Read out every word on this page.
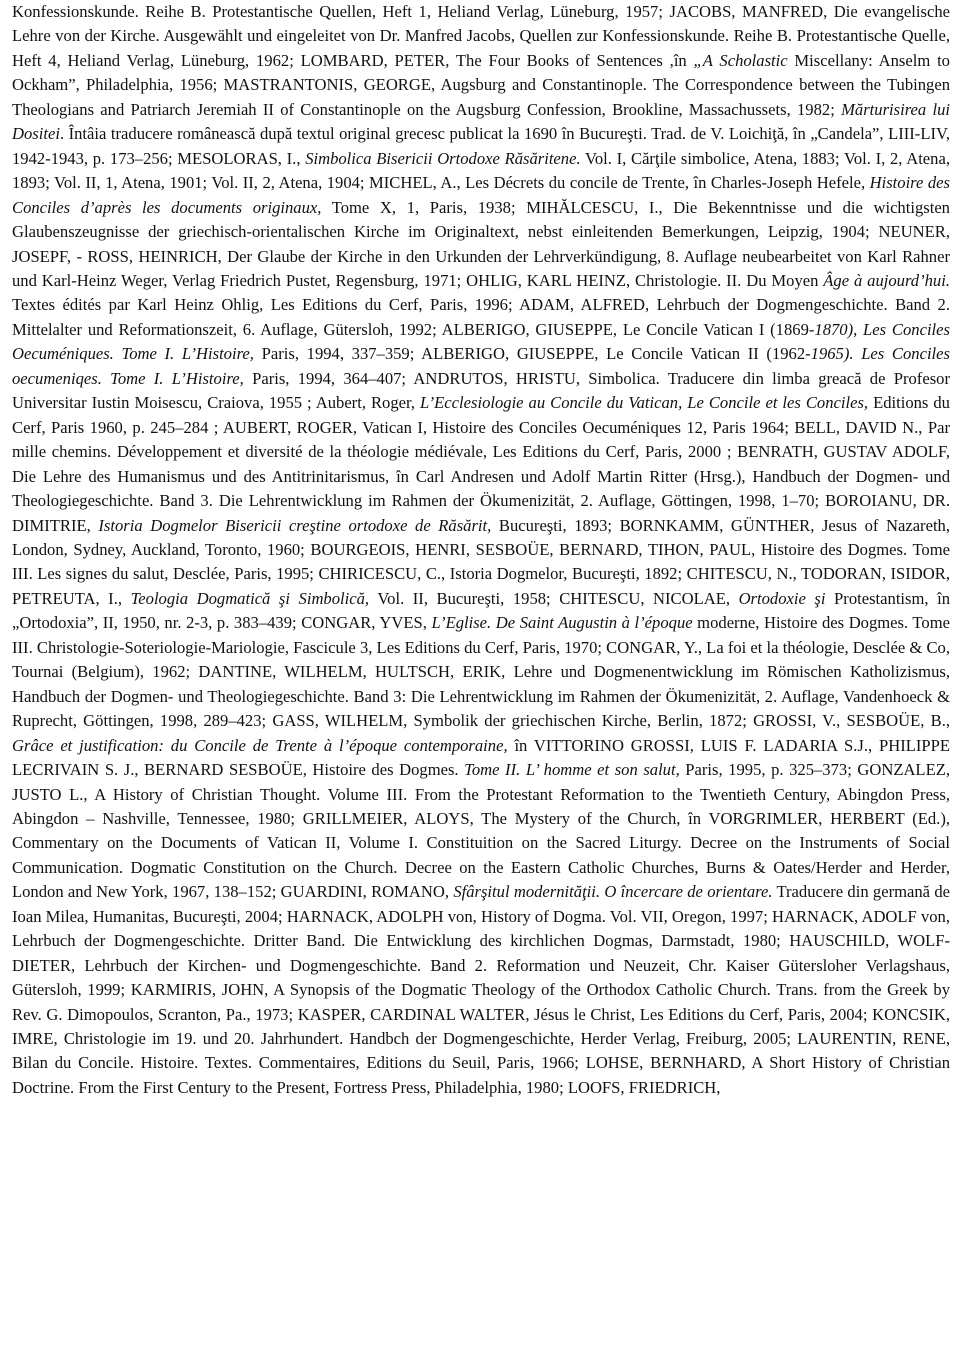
Konfessionskunde. Reihe B. Protestantische Quellen, Heft 1, Heliand Verlag, Lüneburg, 1957; JACOBS, MANFRED, Die evangelische Lehre von der Kirche. Ausgewählt und eingeleitet von Dr. Manfred Jacobs, Quellen zur Konfessionskunde. Reihe B. Protestantische Quelle, Heft 4, Heliand Verlag, Lüneburg, 1962; LOMBARD, PETER, The Four Books of Sentences ,în „A Scholastic Miscellany: Anselm to Ockham”, Philadelphia, 1956; MASTRANTONIS, GEORGE, Augsburg and Constantinople. The Correspondence between the Tubingen Theologians and Patriarch Jeremiah II of Constantinople on the Augsburg Confession, Brookline, Massachussets, 1982; Mărturisirea lui Dositei. Întâia traducere românească după textul original grecesc publicat la 1690 în Bucureşti. Trad. de V. Loichiţă, în „Candela”, LIII-LIV, 1942-1943, p. 173–256; MESOLORAS, I., Simbolica Bisericii Ortodoxe Răsăritene. Vol. I, Cărţile simbolice, Atena, 1883; Vol. I, 2, Atena, 1893; Vol. II, 1, Atena, 1901; Vol. II, 2, Atena, 1904; MICHEL, A., Les Décrets du concile de Trente, în Charles-Joseph Hefele, Histoire des Conciles d’après les documents originaux, Tome X, 1, Paris, 1938; MIHĂLCESCU, I., Die Bekenntnisse und die wichtigsten Glaubenszeugnisse der griechisch-orientalischen Kirche im Originaltext, nebst einleitenden Bemerkungen, Leipzig, 1904; NEUNER, JOSEPF, - ROSS, HEINRICH, Der Glaube der Kirche in den Urkunden der Lehrverkündigung, 8. Auflage neubearbeitet von Karl Rahner und Karl-Heinz Weger, Verlag Friedrich Pustet, Regensburg, 1971; OHLIG, KARL HEINZ, Christologie. II. Du Moyen Âge à aujourd’hui. Textes édités par Karl Heinz Ohlig, Les Editions du Cerf, Paris, 1996; ADAM, ALFRED, Lehrbuch der Dogmengeschichte. Band 2. Mittelalter und Reformationszeit, 6. Auflage, Gütersloh, 1992; ALBERIGO, GIUSEPPE, Le Concile Vatican I (1869-1870), Les Conciles Oecuméniques. Tome I. L’Histoire, Paris, 1994, 337–359; ALBERIGO, GIUSEPPE, Le Concile Vatican II (1962-1965). Les Conciles oecumeniqes. Tome I. L’Histoire, Paris, 1994, 364–407; ANDRUTOS, HRISTU, Simbolica. Traducere din limba greacă de Profesor Universitar Iustin Moisescu, Craiova, 1955 ; Aubert, Roger, L’Ecclesiologie au Concile du Vatican, Le Concile et les Conciles, Editions du Cerf, Paris 1960, p. 245–284 ; AUBERT, ROGER, Vatican I, Histoire des Conciles Oecuméniques 12, Paris 1964; BELL, DAVID N., Par mille chemins. Développement et diversité de la théologie médiévale, Les Editions du Cerf, Paris, 2000 ; BENRATH, GUSTAV ADOLF, Die Lehre des Humanismus und des Antitrinitarismus, în Carl Andresen und Adolf Martin Ritter (Hrsg.), Handbuch der Dogmen- und Theologiegeschichte. Band 3. Die Lehrentwicklung im Rahmen der Ökumenizität, 2. Auflage, Göttingen, 1998, 1–70; BOROIANU, DR. DIMITRIE, Istoria Dogmelor Bisericii creştine ortodoxe de Răsărit, Bucureşti, 1893; BORNKAMM, GÜNTHER, Jesus of Nazareth, London, Sydney, Auckland, Toronto, 1960; BOURGEOIS, HENRI, SESBOÜE, BERNARD, TIHON, PAUL, Histoire des Dogmes. Tome III. Les signes du salut, Desclée, Paris, 1995; CHIRICESCU, C., Istoria Dogmelor, Bucureşti, 1892; CHITESCU, N., TODORAN, ISIDOR, PETREUTA, I., Teologia Dogmatică şi Simbolică, Vol. II, Bucureşti, 1958; CHITESCU, NICOLAE, Ortodoxie şi Protestantism, în „Ortodoxia”, II, 1950, nr. 2-3, p. 383–439; CONGAR, YVES, L’Eglise. De Saint Augustin à l’époque moderne, Histoire des Dogmes. Tome III. Christologie-Soteriologie-Mariologie, Fascicule 3, Les Editions du Cerf, Paris, 1970; CONGAR, Y., La foi et la théologie, Desclée & Co, Tournai (Belgium), 1962; DANTINE, WILHELM, HULTSCH, ERIK, Lehre und Dogmenentwicklung im Römischen Katholizismus, Handbuch der Dogmen- und Theologiegeschichte. Band 3: Die Lehrentwicklung im Rahmen der Ökumenizität, 2. Auflage, Vandenhoeck & Ruprecht, Göttingen, 1998, 289–423; GASS, WILHELM, Symbolik der griechischen Kirche, Berlin, 1872; GROSSI, V., SESBOÜE, B., Grâce et justification: du Concile de Trente à l’époque contemporaine, în VITTORINO GROSSI, LUIS F. LADARIA S.J., PHILIPPE LECRIVAIN S. J., BERNARD SESBOÜE, Histoire des Dogmes. Tome II. L’ homme et son salut, Paris, 1995, p. 325–373; GONZALEZ, JUSTO L., A History of Christian Thought. Volume III. From the Protestant Reformation to the Twentieth Century, Abingdon Press, Abingdon – Nashville, Tennessee, 1980; GRILLMEIER, ALOYS, The Mystery of the Church, în VORGRIMLER, HERBERT (Ed.), Commentary on the Documents of Vatican II, Volume I. Constituition on the Sacred Liturgy. Decree on the Instruments of Social Communication. Dogmatic Constitution on the Church. Decree on the Eastern Catholic Churches, Burns & Oates/Herder and Herder, London and New York, 1967, 138–152; GUARDINI, ROMANO, Sfârşitul modernităţii. O încercare de orientare. Traducere din germană de Ioan Milea, Humanitas, Bucureşti, 2004; HARNACK, ADOLPH von, History of Dogma. Vol. VII, Oregon, 1997; HARNACK, ADOLF von, Lehrbuch der Dogmengeschichte. Dritter Band. Die Entwicklung des kirchlichen Dogmas, Darmstadt, 1980; HAUSCHILD, WOLF-DIETER, Lehrbuch der Kirchen- und Dogmengeschichte. Band 2. Reformation und Neuzeit, Chr. Kaiser Gütersloher Verlagshaus, Gütersloh, 1999; KARMIRIS, JOHN, A Synopsis of the Dogmatic Theology of the Orthodox Catholic Church. Trans. from the Greek by Rev. G. Dimopoulos, Scranton, Pa., 1973; KASPER, CARDINAL WALTER, Jésus le Christ, Les Editions du Cerf, Paris, 2004; KONCSIK, IMRE, Christologie im 19. und 20. Jahrhundert. Handbch der Dogmengeschichte, Herder Verlag, Freiburg, 2005; LAURENTIN, RENE, Bilan du Concile. Histoire. Textes. Commentaires, Editions du Seuil, Paris, 1966; LOHSE, BERNHARD, A Short History of Christian Doctrine. From the First Century to the Present, Fortress Press, Philadelphia, 1980; LOOFS, FRIEDRICH,
